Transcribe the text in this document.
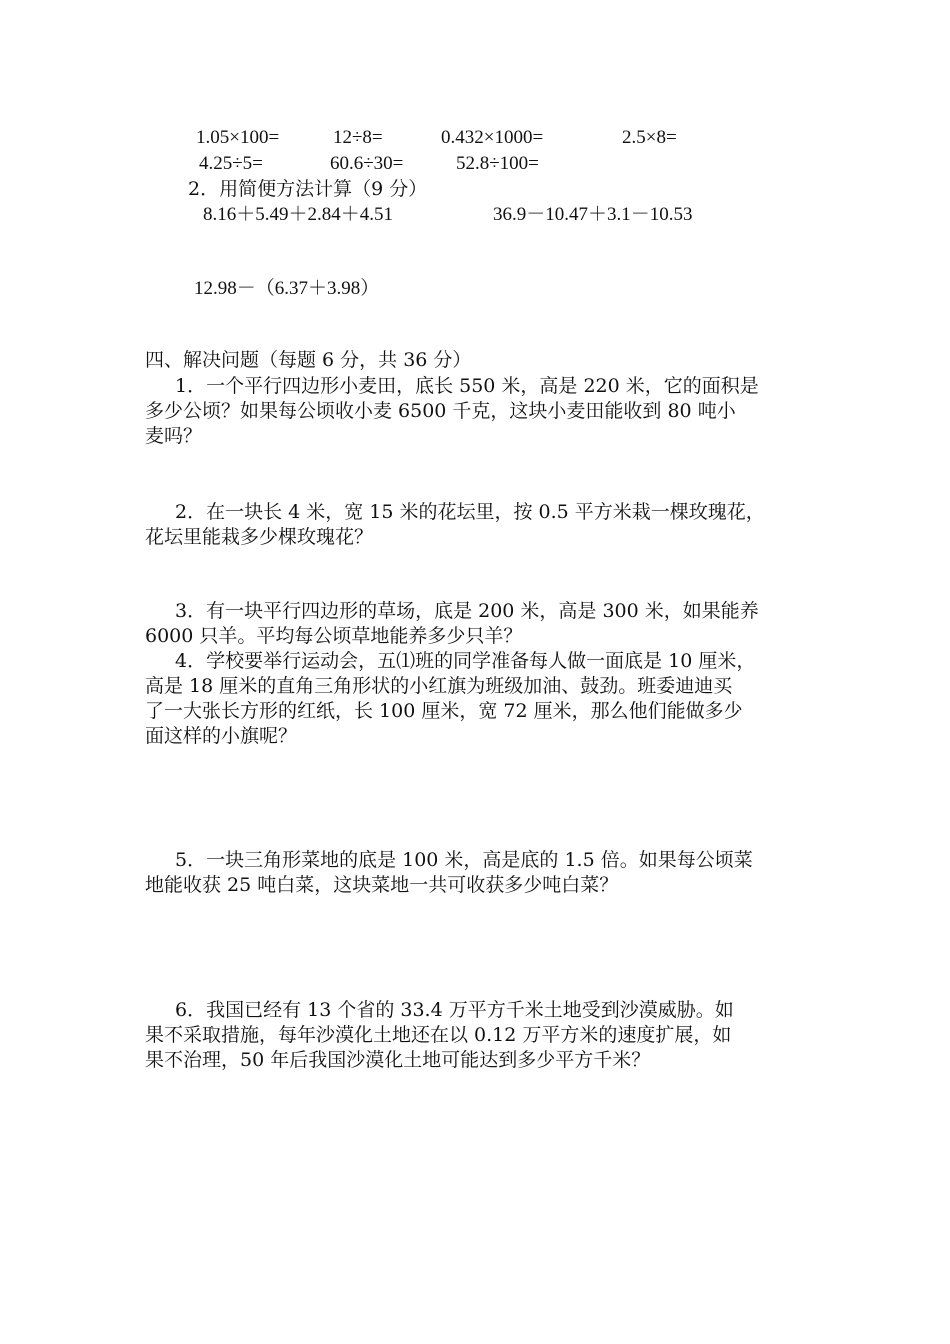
1.05×100=	12÷8=	0.432×1000=	2.5×8=
4.25÷5=	60.6÷30=	52.8÷100=
2．用简便方法计算（9 分）
8.16＋5.49＋2.84＋4.51	36.9－10.47＋3.1－10.53
12.98－（6.37＋3.98）
四、解决问题（每题 6 分，共 36 分）
1．一个平行四边形小麦田，底长 550 米，高是 220 米，它的面积是
多少公顷？如果每公顷收小麦 6500 千克，这块小麦田能收到 80 吨小
麦吗？
2．在一块长 4 米，宽 15 米的花坛里，按 0.5 平方米栽一棵玫瑰花，
花坛里能栽多少棵玫瑰花？
3．有一块平行四边形的草场，底是 200 米，高是 300 米，如果能养
6000 只羊。平均每公顷草地能养多少只羊？
4．学校要举行运动会，五⑴班的同学准备每人做一面底是 10 厘米，
高是 18 厘米的直角三角形状的小红旗为班级加油、鼓劲。班委迪迪买
了一大张长方形的红纸，长 100 厘米，宽 72 厘米，那么他们能做多少
面这样的小旗呢？
5．一块三角形菜地的底是 100 米，高是底的 1.5 倍。如果每公顷菜
地能收获 25 吨白菜，这块菜地一共可收获多少吨白菜？
6．我国已经有 13 个省的 33.4 万平方千米土地受到沙漠威胁。如
果不采取措施，每年沙漠化土地还在以 0.12 万平方米的速度扩展，如
果不治理，50 年后我国沙漠化土地可能达到多少平方千米？
